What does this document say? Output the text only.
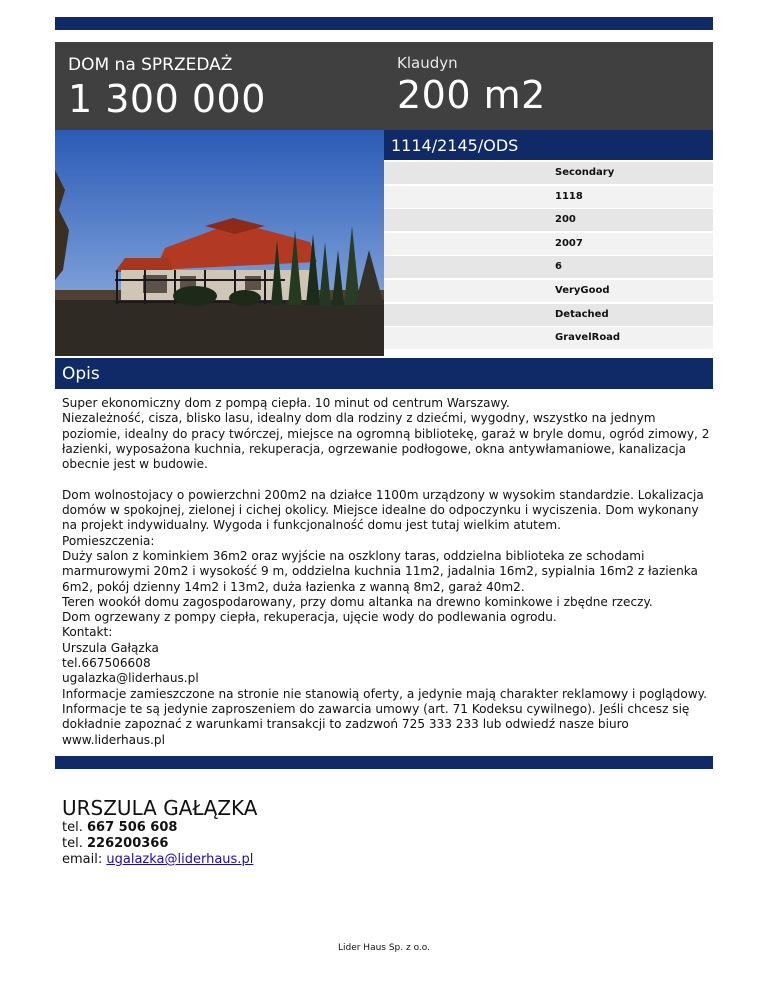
DOM na SPRZEDAŻ
1 300 000
Klaudyn
200 m2
1114/2145/ODS
Secondary
1118
200
2007
6
VeryGood
Detached
GravelRoad
Opis

Super ekonomiczny dom z pompą ciepła. 10 minut od centrum Warszawy.

Niezależność, cisza, blisko lasu, idealny dom dla rodziny z dziećmi, wygodny, wszystko na jednym poziomie, idealny do pracy twórczej, miejsce na ogromną bibliotekę, garaż w bryle domu, ogród zimowy, 2 łazienki, wyposażona kuchnia, rekuperacja, ogrzewanie podłogowe, okna antywłamaniowe, kanalizacja obecnie jest w budowie.

Dom wolnostojacy o powierzchni 200m2 na działce 1100m urządzony w wysokim standardzie. Lokalizacja domów w spokojnej, zielonej i cichej okolicy. Miejsce idealne do odpoczynku i wyciszenia. Dom wykonany na projekt indywidualny. Wygoda i funkcjonalność domu jest tutaj wielkim atutem.

Pomieszczenia:

Duży salon z kominkiem 36m2 oraz wyjście na oszklony taras, oddzielna biblioteka ze schodami marmurowymi 20m2 i wysokość 9 m, oddzielna kuchnia 11m2, jadalnia 16m2, sypialnia 16m2 z łazienka 6m2, pokój dzienny 14m2 i 13m2, duża łazienka z wanną 8m2, garaż 40m2.

Teren wookół domu zagospodarowany, przy domu altanka na drewno kominkowe i zbędne rzeczy.

Dom ogrzewany z pompy ciepła, rekuperacja, ujęcie wody do podlewania ogrodu.

Kontakt:

Urszula Gałązka

tel.667506608

ugalazka@liderhaus.pl

Informacje zamieszczone na stronie nie stanowią oferty, a jedynie mają charakter reklamowy i poglądowy. Informacje te są jedynie zaproszeniem do zawarcia umowy (art. 71 Kodeksu cywilnego). Jeśli chcesz się dokładnie zapoznać z warunkami transakcji to zadzwoń 725 333 233 lub odwiedź nasze biuro www.liderhaus.pl

URSZULA GAŁĄZKA
tel. 667 506 608
tel. 226200366
email: ugalazka@liderhaus.pl
Lider Haus Sp. z o.o.
